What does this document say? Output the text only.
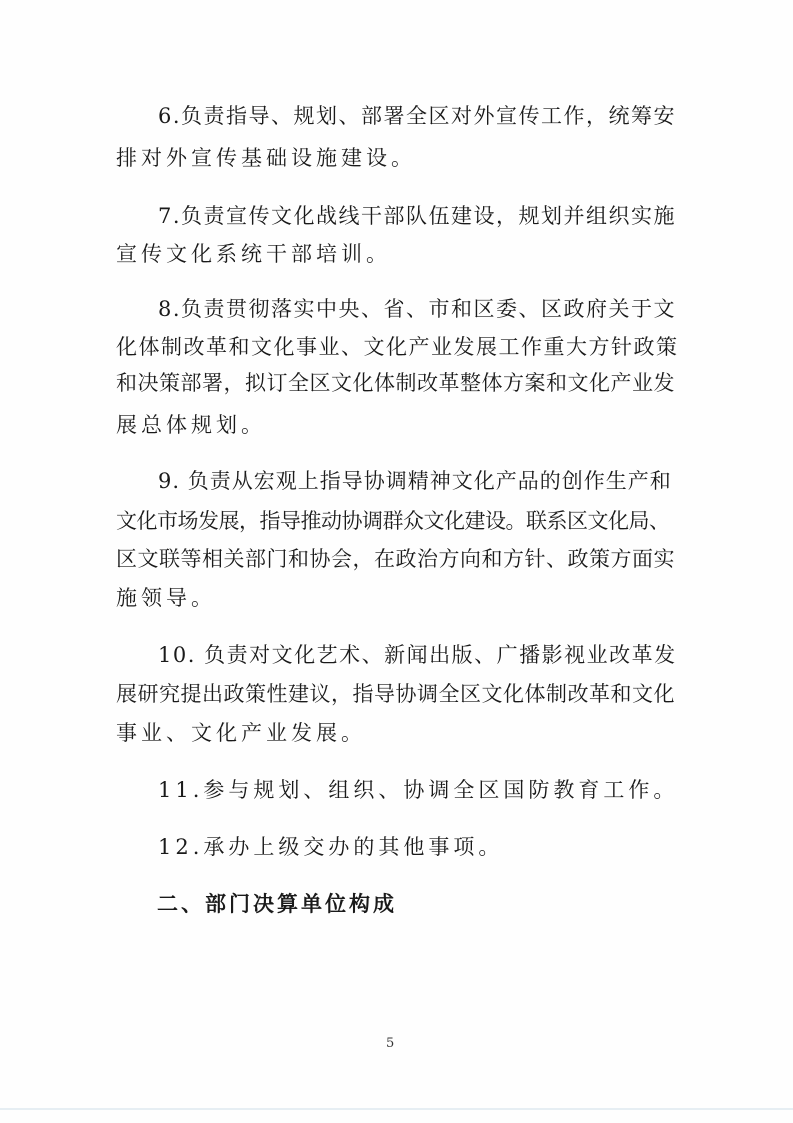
6.负责指导、规划、部署全区对外宣传工作，统筹安
排对外宣传基础设施建设。
7.负责宣传文化战线干部队伍建设，规划并组织实施
宣传文化系统干部培训。
8.负责贯彻落实中央、省、市和区委、区政府关于文
化体制改革和文化事业、文化产业发展工作重大方针政策
和决策部署，拟订全区文化体制改革整体方案和文化产业发
展总体规划。
9. 负责从宏观上指导协调精神文化产品的创作生产和
文化市场发展，指导推动协调群众文化建设。联系区文化局、
区文联等相关部门和协会，在政治方向和方针、政策方面实
施领导。
10. 负责对文化艺术、新闻出版、广播影视业改革发
展研究提出政策性建议，指导协调全区文化体制改革和文化
事业、文化产业发展。
11.参与规划、组织、协调全区国防教育工作。
12.承办上级交办的其他事项。
二、部门决算单位构成
5
